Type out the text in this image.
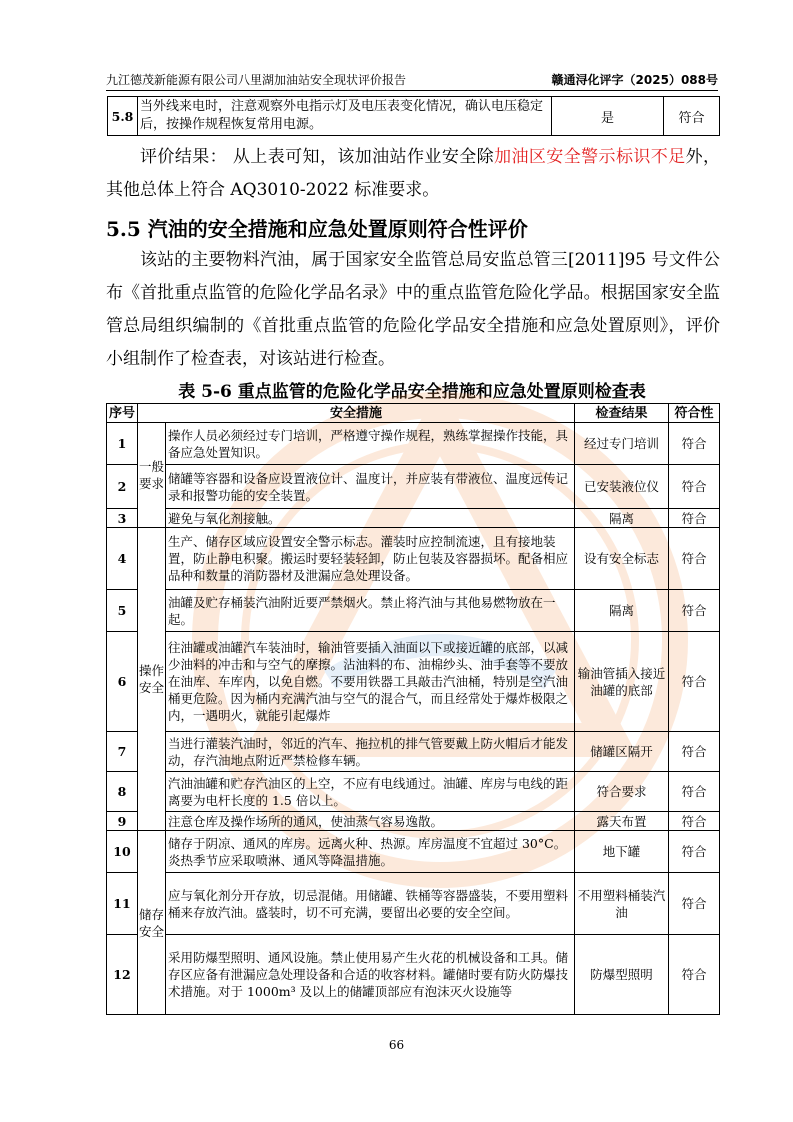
九江德茂新能源有限公司八里湖加油站安全现状评价报告	赣通浔化评字（2025）088号
5.8	当外线来电时，注意观察外电指示灯及电压表变化情况，确认电压稳定后，按操作规程恢复常用电源。	是	符合

评价结果： 从上表可知，该加油站作业安全除加油区安全警示标识不足外，其他总体上符合 AQ3010-2022 标准要求。

5.5 汽油的安全措施和应急处置原则符合性评价

该站的主要物料汽油，属于国家安全监管总局安监总管三[2011]95 号文件公布《首批重点监管的危险化学品名录》中的重点监管危险化学品。根据国家安全监管总局组织编制的《首批重点监管的危险化学品安全措施和应急处置原则》，评价小组制作了检查表，对该站进行检查。

表 5-6 重点监管的危险化学品安全措施和应急处置原则检查表

序号	安全措施		检查结果	符合性
1	一般要求	操作人员必须经过专门培训，严格遵守操作规程，熟练掌握操作技能，具备应急处置知识。	经过专门培训	符合
2		储罐等容器和设备应设置液位计、温度计，并应装有带液位、温度远传记录和报警功能的安全装置。	已安装液位仪	符合
3		避免与氧化剂接触。	隔离	符合
4	操作安全	生产、储存区域应设置安全警示标志。灌装时应控制流速，且有接地装置，防止静电积聚。搬运时要轻装轻卸，防止包装及容器损坏。配备相应品种和数量的消防器材及泄漏应急处理设备。	设有安全标志	符合
5		油罐及贮存桶装汽油附近要严禁烟火。禁止将汽油与其他易燃物放在一起。	隔离	符合
6		往油罐或油罐汽车装油时，输油管要插入油面以下或接近罐的底部，以减少油料的冲击和与空气的摩擦。沾油料的布、油棉纱头、油手套等不要放在油库、车库内，以免自燃。不要用铁器工具敲击汽油桶，特别是空汽油桶更危险。因为桶内充满汽油与空气的混合气，而且经常处于爆炸极限之内，一遇明火，就能引起爆炸	输油管插入接近油罐的底部	符合
7		当进行灌装汽油时，邻近的汽车、拖拉机的排气管要戴上防火帽后才能发动，存汽油地点附近严禁检修车辆。	储罐区隔开	符合
8		汽油油罐和贮存汽油区的上空，不应有电线通过。油罐、库房与电线的距离要为电杆长度的 1.5 倍以上。	符合要求	符合
9		注意仓库及操作场所的通风，使油蒸气容易逸散。	露天布置	符合
10	储存安全	储存于阴凉、通风的库房。远离火种、热源。库房温度不宜超过 30°C。炎热季节应采取喷淋、通风等降温措施。	地下罐	符合
11		应与氧化剂分开存放，切忌混储。用储罐、铁桶等容器盛装，不要用塑料桶来存放汽油。盛装时，切不可充满，要留出必要的安全空间。	不用塑料桶装汽油	符合
12		采用防爆型照明、通风设施。禁止使用易产生火花的机械设备和工具。储存区应备有泄漏应急处理设备和合适的收容材料。罐储时要有防火防爆技术措施。对于 1000m³ 及以上的储罐顶部应有泡沫灭火设施等	防爆型照明	符合
66
